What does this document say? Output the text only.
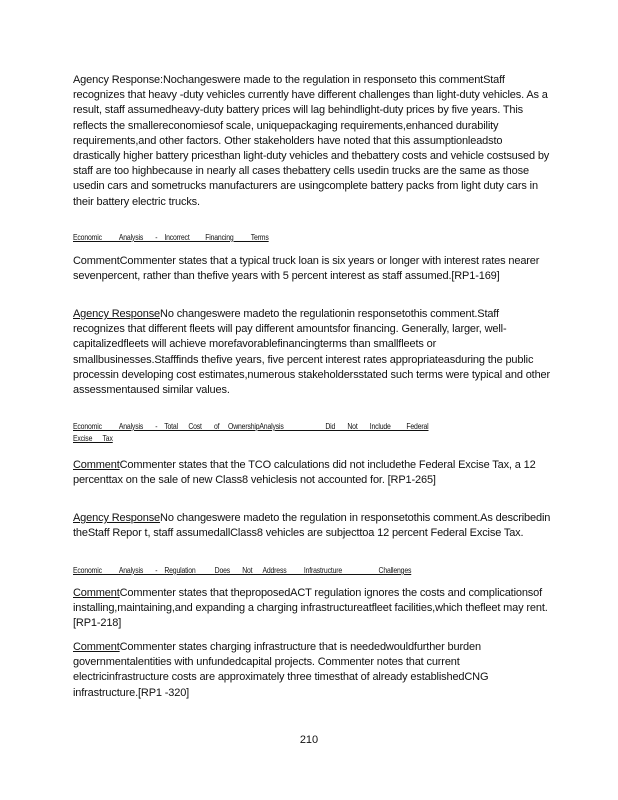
Agency Response:Nochangeswere made to the regulation in responseto this commentStaff recognizes that heavy -duty vehicles currently have different challenges than light-duty vehicles. As a result, staff assumedheavy-duty battery prices will lag behindlight-duty prices by five years. This reflects the smallereconomiesof scale, uniquepackaging requirements,enhanced durability requirements,and other factors. Other stakeholders have noted that this assumptionleadsto drastically higher battery pricesthan light-duty vehicles and thebattery costs and vehicle costsused by staff are too highbecause in nearly all cases thebattery cells usedin trucks are the same as those usedin cars and sometrucks manufacturers are usingcomplete battery packs from light duty cars in their battery electric trucks.

Economic          Analysis       -    Incorrect         Financing          Terms

CommentCommenter states that a typical truck loan is six years or longer with interest rates nearer sevenpercent, rather than thefive years with 5 percent interest as staff assumed.[RP1-169]

Agency ResponseNo changeswere madeto the regulationin responsetothis comment.Staff recognizes that different fleets will pay different amountsfor financing. Generally, larger, well-capitalizedfleets will achieve morefavorablefinancingterms than smallfleets or smallbusinesses.Stafffinds thefive years, five percent interest rates appropriateasduring the public processin developing cost estimates,numerous stakeholdersstated such terms were typical and other assessmentaused similar values.

Economic          Analysis       -    Total      Cost       of     OwnershipAnalysis                        Did       Not       Include         Federal
Excise      Tax

CommentCommenter states that the TCO calculations did not includethe Federal Excise Tax, a 12 percenttax on the sale of new Class8 vehiclesis not accounted for. [RP1-265]

Agency ResponseNo changeswere madeto the regulation in responsetothis comment.As describedin theStaff Repor t, staff assumedallClass8 vehicles are subjecttoa 12 percent Federal Excise Tax.

Economic          Analysis       -    Regulation           Does       Not      Address          Infrastructure                     Challenges

CommentCommenter states that theproposedACT regulation ignores the costs and complicationsof installing,maintaining,and expanding a charging infrastructureatfleet facilities,which thefleet may rent. [RP1-218]

CommentCommenter states charging infrastructure that is neededwouldfurther burden governmentalentities with unfundedcapital projects. Commenter notes that current electricinfrastructure costs are approximately three timesthat of already establishedCNG infrastructure.[RP1 -320]

210
